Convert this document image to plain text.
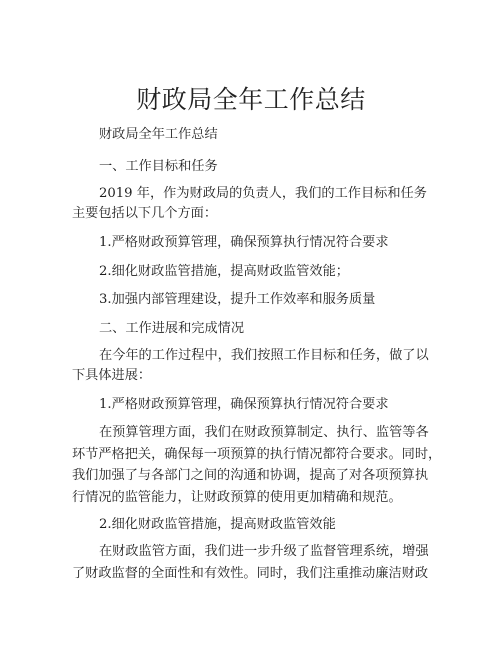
财政局全年工作总结
财政局全年工作总结
一、工作目标和任务
2019 年，作为财政局的负责人，我们的工作目标和任务
主要包括以下几个方面：
1.严格财政预算管理，确保预算执行情况符合要求
2.细化财政监管措施，提高财政监管效能；
3.加强内部管理建设，提升工作效率和服务质量
二、工作进展和完成情况
在今年的工作过程中，我们按照工作目标和任务，做了以
下具体进展：
1.严格财政预算管理，确保预算执行情况符合要求
在预算管理方面，我们在财政预算制定、执行、监管等各
环节严格把关，确保每一项预算的执行情况都符合要求。同时，
我们加强了与各部门之间的沟通和协调，提高了对各项预算执
行情况的监管能力，让财政预算的使用更加精确和规范。
2.细化财政监管措施，提高财政监管效能
在财政监管方面，我们进一步升级了监督管理系统，增强
了财政监督的全面性和有效性。同时，我们注重推动廉洁财政
